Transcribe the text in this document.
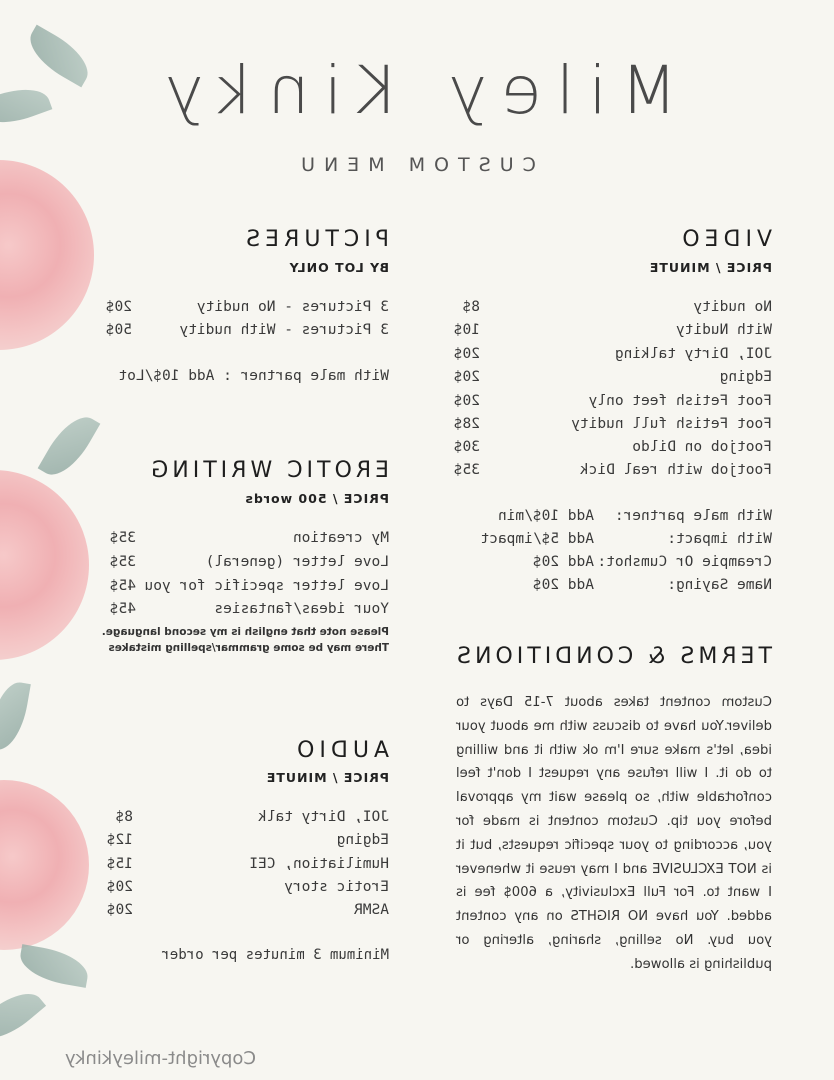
Miley Kinky
CUSTOM MENU
VIDEO
PRICE / MINUTE
No nudity
8$
With Nudity
10$
JOI, Dirty talking
20$
Edging
20$
Foot Fetish feet only
20$
Foot Fetish full nudity
28$
Footjob on Dildo
30$
Footjob with real Dick
35$
With male partner:
Add 10$/min
With impact:
Add 5$/impact
Creampie Or Cumshot:
Add 20$
Name Saying:
Add 20$
TERMS & CONDITIONS
Custom content takes about 7-15 Days to deliver.You have to discuss with me about your idea, let's make sure I'm ok with it and willing to do it. I will refuse any request I don't feel confortable with, so please wait my approval before you tip. Custom content is made for you, according to your specific requests, but it is NOT EXCLUSIVE and I may reuse it whenever I want to. For Full Exclusivity, a 600$ fee is added. You have NO RIGHTS on any content you buy. No selling, sharing, altering or publishing is allowed.
PICTURES
BY LOT ONLY
3 Pictures - No nudity
20$
3 Pictures - With nudity
50$
With male partner : Add 10$/Lot
EROTIC WRITING
PRICE / 500 words
My creation
35$
Love letter (general)
35$
Love letter specific for you
45$
Your ideas/fantasies
45$
Please note that english is my second language.
There may be some grammar/spelling mistakes
AUDIO
PRICE / MINUTE
JOI, Dirty talk
8$
Edging
12$
Humiliation, CEI
15$
Erotic story
20$
ASMR
20$
Minimum 3 minutes per order
Copyright-mileykinky
